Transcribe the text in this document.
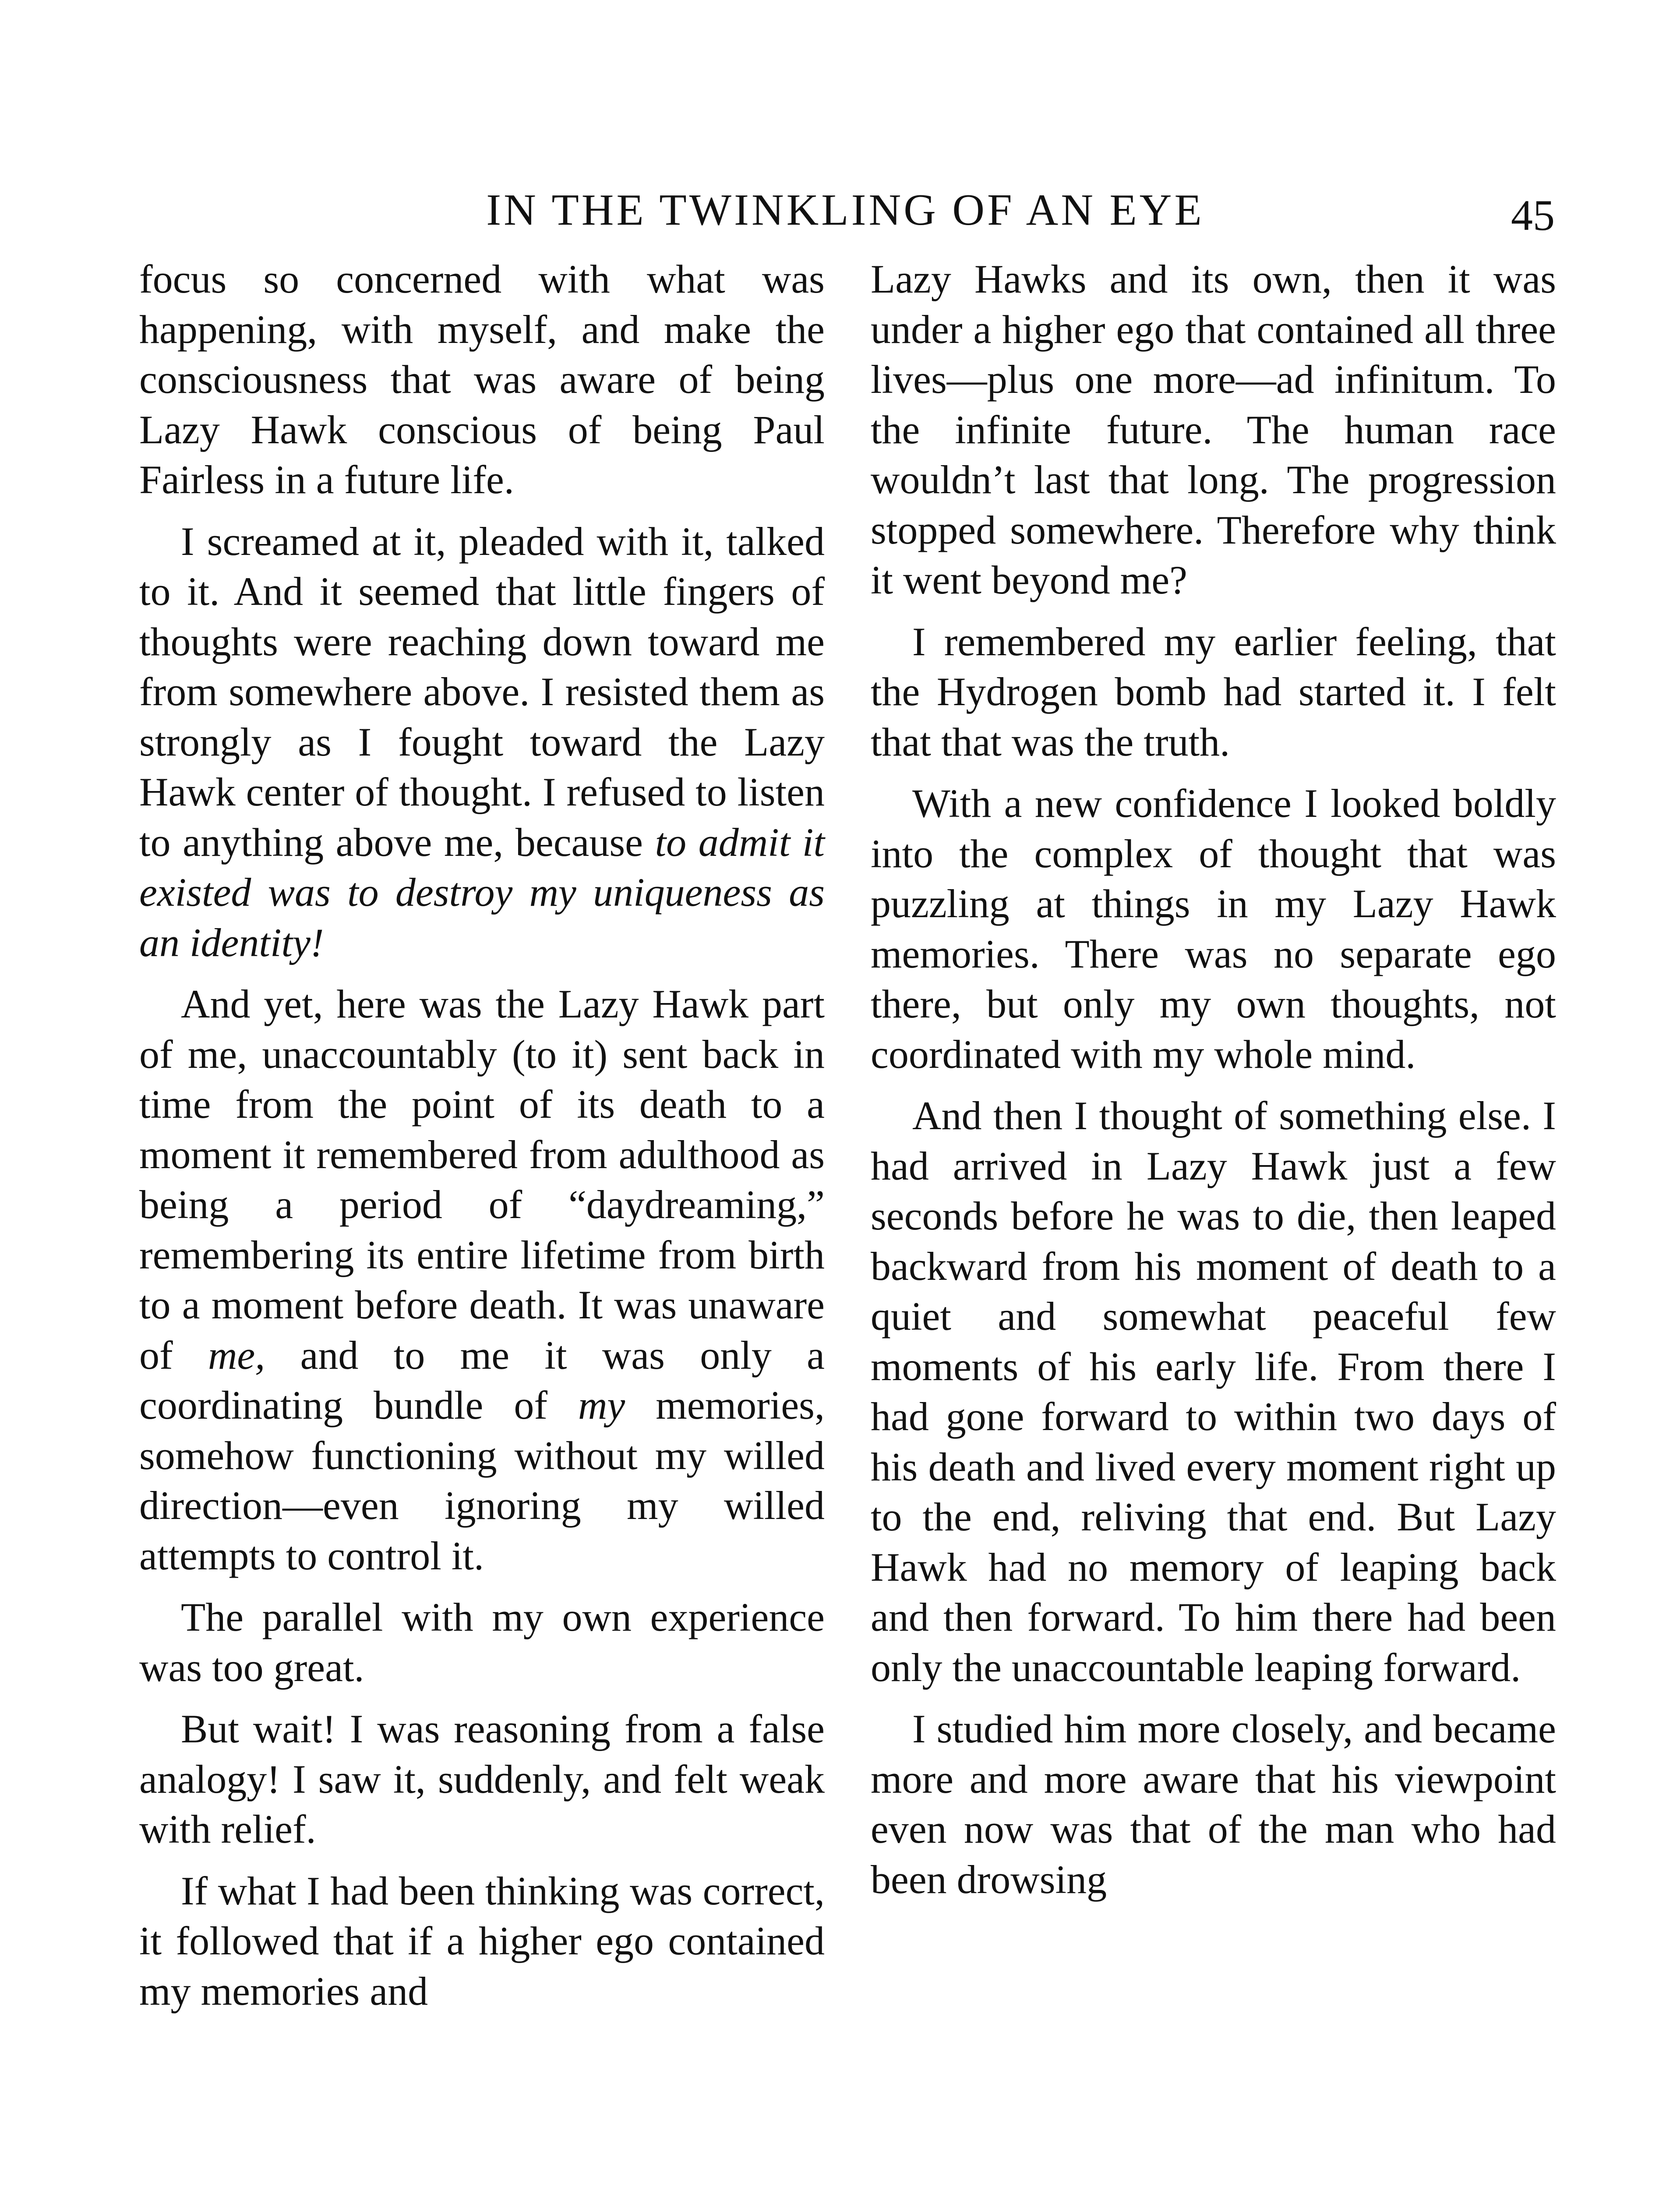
IN THE TWINKLING OF AN EYE	45

focus so concerned with what was happening, with myself, and make the consciousness that was aware of being Lazy Hawk conscious of being Paul Fairless in a future life.

I screamed at it, pleaded with it, talked to it. And it seemed that little fingers of thoughts were reaching down toward me from somewhere above. I resisted them as strongly as I fought toward the Lazy Hawk center of thought. I refused to listen to anything above me, because to admit it existed was to destroy my uniqueness as an identity!

And yet, here was the Lazy Hawk part of me, unaccountably (to it) sent back in time from the point of its death to a moment it remembered from adulthood as being a period of “daydreaming,” remembering its entire lifetime from birth to a moment before death. It was unaware of me, and to me it was only a coordinating bundle of my memories, somehow functioning without my willed direction—even ignoring my willed attempts to control it.

The parallel with my own experience was too great.

But wait! I was reasoning from a false analogy! I saw it, suddenly, and felt weak with relief.

If what I had been thinking was correct, it followed that if a higher ego contained my memories and

Lazy Hawks and its own, then it was under a higher ego that contained all three lives—plus one more—ad infinitum. To the infinite future. The human race wouldn’t last that long. The progression stopped somewhere. Therefore why think it went beyond me?

I remembered my earlier feeling, that the Hydrogen bomb had started it. I felt that that was the truth.

With a new confidence I looked boldly into the complex of thought that was puzzling at things in my Lazy Hawk memories. There was no separate ego there, but only my own thoughts, not coordinated with my whole mind.

And then I thought of something else. I had arrived in Lazy Hawk just a few seconds before he was to die, then leaped backward from his moment of death to a quiet and somewhat peaceful few moments of his early life. From there I had gone forward to within two days of his death and lived every moment right up to the end, reliving that end. But Lazy Hawk had no memory of leaping back and then forward. To him there had been only the unaccountable leaping forward.

I studied him more closely, and became more and more aware that his viewpoint even now was that of the man who had been drowsing
